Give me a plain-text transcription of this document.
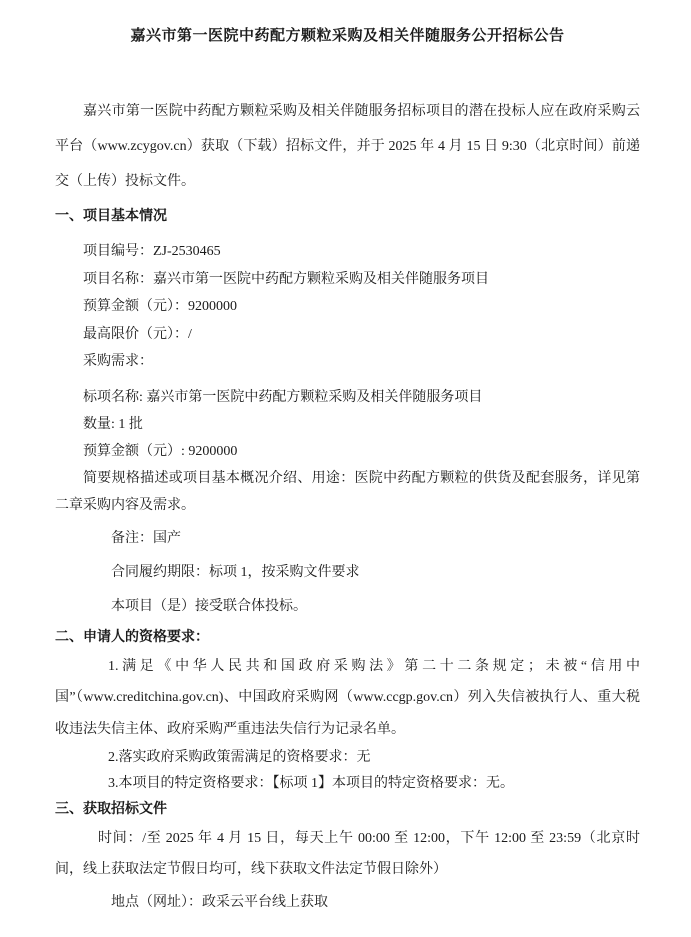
嘉兴市第一医院中药配方颗粒采购及相关伴随服务公开招标公告

嘉兴市第一医院中药配方颗粒采购及相关伴随服务招标项目的潜在投标人应在政府采购云平台（www.zcygov.cn）获取（下载）招标文件，并于 2025 年 4 月 15 日 9:30（北京时间）前递交（上传）投标文件。

一、项目基本情况

项目编号：ZJ-2530465

项目名称：嘉兴市第一医院中药配方颗粒采购及相关伴随服务项目

预算金额（元）：9200000

最高限价（元）：/

采购需求：

标项名称: 嘉兴市第一医院中药配方颗粒采购及相关伴随服务项目

数量: 1 批

预算金额（元）: 9200000

简要规格描述或项目基本概况介绍、用途：医院中药配方颗粒的供货及配套服务，详见第二章采购内容及需求。

备注：国产

合同履约期限：标项 1，按采购文件要求

本项目（是）接受联合体投标。

二、申请人的资格要求：

1.满足《中华人民共和国政府采购法》第二十二条规定；未被“信用中国”（www.creditchina.gov.cn)、中国政府采购网（www.ccgp.gov.cn）列入失信被执行人、重大税收违法失信主体、政府采购严重违法失信行为记录名单。

2.落实政府采购政策需满足的资格要求：无

3.本项目的特定资格要求：【标项 1】本项目的特定资格要求：无。

三、获取招标文件

时间：/至 2025 年 4 月 15 日，每天上午 00:00 至 12:00，下午 12:00 至 23:59（北京时间，线上获取法定节假日均可，线下获取文件法定节假日除外）

地点（网址）：政采云平台线上获取
